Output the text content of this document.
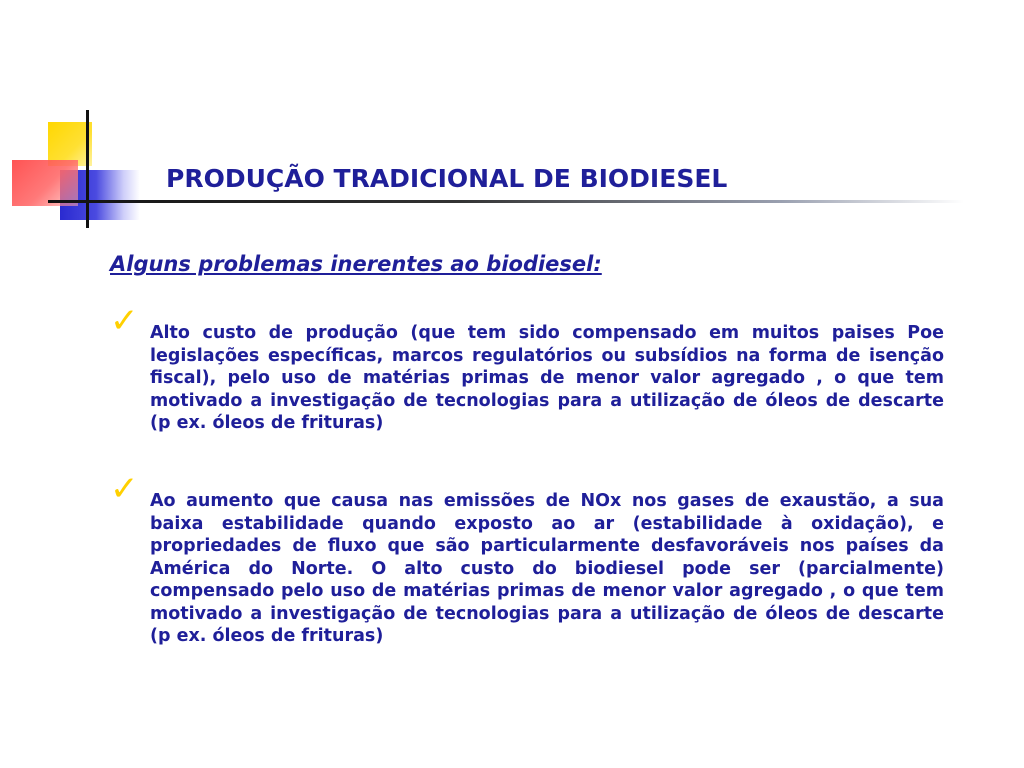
PRODUÇÃO TRADICIONAL DE BIODIESEL
Alguns problemas inerentes ao biodiesel:
✓ Alto custo de produção (que tem sido compensado em muitos paises Poe legislações específicas, marcos regulatórios ou subsídios na forma de isenção fiscal), pelo uso de matérias primas de menor valor agregado , o que tem motivado a investigação de tecnologias para a utilização de óleos de descarte (p ex. óleos de frituras)

✓ Ao aumento que causa nas emissões de NOx nos gases de exaustão, a sua baixa estabilidade quando exposto ao ar (estabilidade à oxidação), e propriedades de fluxo que são particularmente desfavoráveis nos países da América do Norte. O alto custo do biodiesel pode ser (parcialmente) compensado pelo uso de matérias primas de menor valor agregado , o que tem motivado a investigação de tecnologias para a utilização de óleos de descarte (p ex. óleos de frituras)
